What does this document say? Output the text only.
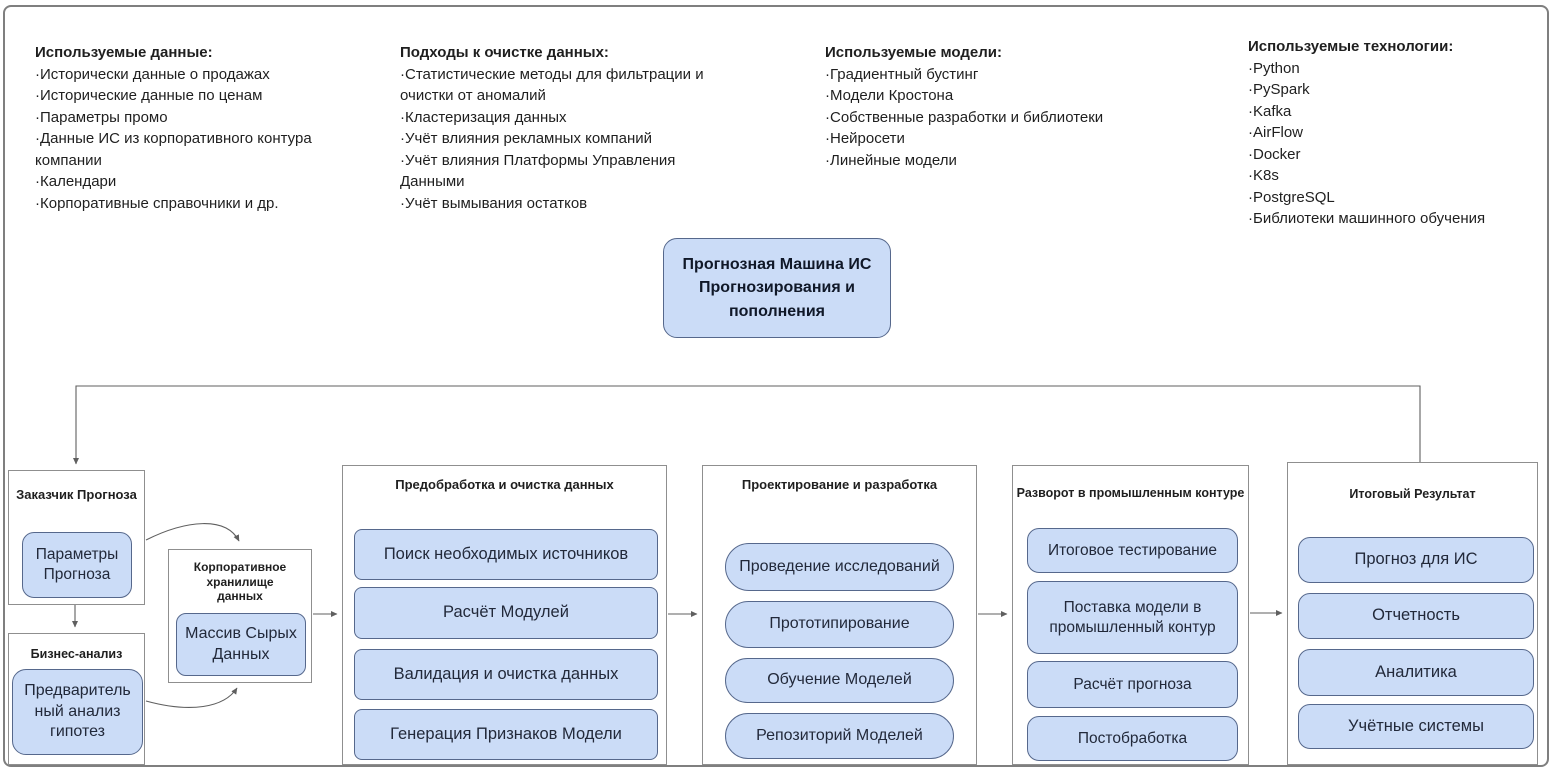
Используемые данные:
·Исторически данные о продажах
·Исторические данные по ценам
·Параметры промо
·Данные ИС из корпоративного контура компании
·Календари
·Корпоративные справочники и др.
Подходы к очистке данных:
·Статистические методы для фильтрации и очистки от аномалий
·Кластеризация данных
·Учёт влияния рекламных компаний
·Учёт влияния Платформы Управления Данными
·Учёт вымывания остатков
Используемые модели:
·Градиентный бустинг
·Модели Кростона
·Собственные разработки и библиотеки
·Нейросети
·Линейные модели
Используемые технологии:
·Python
·PySpark
·Kafka
·AirFlow
·Docker
·K8s
·PostgreSQL
·Библиотеки машинного обучения
Прогнозная Машина ИС Прогнозирования и пополнения
Заказчик Прогноза
Параметры Прогноза
Бизнес-анализ
Предварительный анализ гипотез
Корпоративное хранилище данных
Массив Сырых Данных
Предобработка и очистка данных
Поиск необходимых источников
Расчёт Модулей
Валидация и очистка данных
Генерация Признаков Модели
Проектирование и разработка
Проведение исследований
Прототипирование
Обучение Моделей
Репозиторий Моделей
Разворот в промышленным контуре
Итоговое тестирование
Поставка модели в промышленный контур
Расчёт прогноза
Постобработка
Итоговый Результат
Прогноз для ИС
Отчетность
Аналитика
Учётные системы
